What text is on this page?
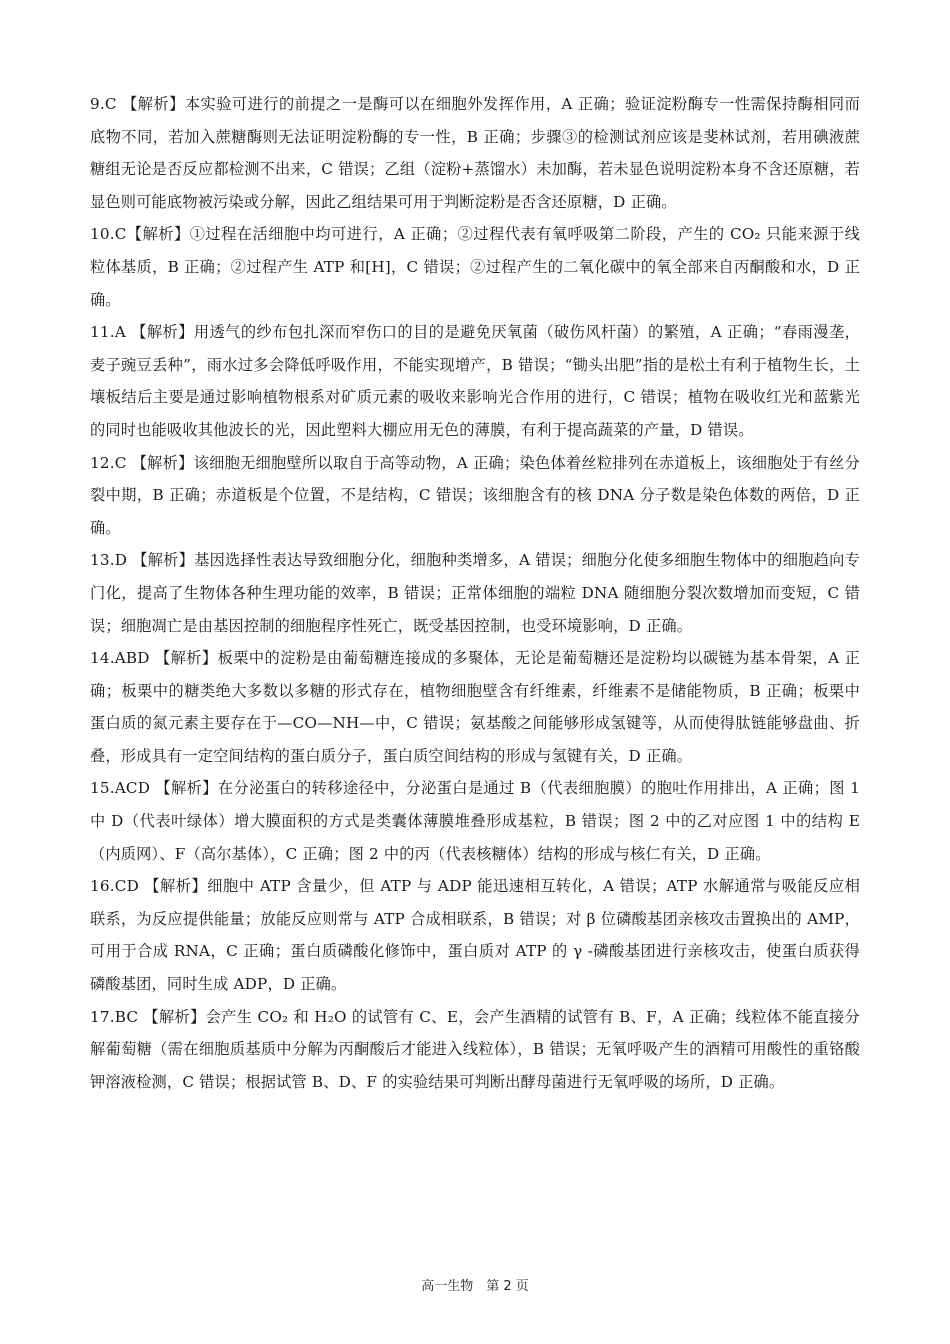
9.C 【解析】本实验可进行的前提之一是酶可以在细胞外发挥作用，A 正确；验证淀粉酶专一性需保持酶相同而底物不同，若加入蔗糖酶则无法证明淀粉酶的专一性，B 正确；步骤③的检测试剂应该是斐林试剂，若用碘液蔗糖组无论是否反应都检测不出来，C 错误；乙组（淀粉+蒸馏水）未加酶，若未显色说明淀粉本身不含还原糖，若显色则可能底物被污染或分解，因此乙组结果可用于判断淀粉是否含还原糖，D 正确。

10.C【解析】①过程在活细胞中均可进行，A 正确；②过程代表有氧呼吸第二阶段，产生的 CO₂ 只能来源于线粒体基质，B 正确；②过程产生 ATP 和[H]，C 错误；②过程产生的二氧化碳中的氧全部来自丙酮酸和水，D 正确。

11.A 【解析】用透气的纱布包扎深而窄伤口的目的是避免厌氧菌（破伤风杆菌）的繁殖，A 正确；“春雨漫垄，麦子豌豆丢种”，雨水过多会降低呼吸作用，不能实现增产，B 错误；“锄头出肥”指的是松土有利于植物生长，土壤板结后主要是通过影响植物根系对矿质元素的吸收来影响光合作用的进行，C 错误；植物在吸收红光和蓝紫光的同时也能吸收其他波长的光，因此塑料大棚应用无色的薄膜，有利于提高蔬菜的产量，D 错误。

12.C 【解析】该细胞无细胞壁所以取自于高等动物，A 正确；染色体着丝粒排列在赤道板上，该细胞处于有丝分裂中期，B 正确；赤道板是个位置，不是结构，C 错误；该细胞含有的核 DNA 分子数是染色体数的两倍，D 正确。

13.D 【解析】基因选择性表达导致细胞分化，细胞种类增多，A 错误；细胞分化使多细胞生物体中的细胞趋向专门化，提高了生物体各种生理功能的效率，B 错误；正常体细胞的端粒 DNA 随细胞分裂次数增加而变短，C 错误；细胞凋亡是由基因控制的细胞程序性死亡，既受基因控制，也受环境影响，D 正确。

14.ABD 【解析】板栗中的淀粉是由葡萄糖连接成的多聚体，无论是葡萄糖还是淀粉均以碳链为基本骨架，A 正确；板栗中的糖类绝大多数以多糖的形式存在，植物细胞壁含有纤维素，纤维素不是储能物质，B 正确；板栗中蛋白质的氮元素主要存在于—CO—NH—中，C 错误；氨基酸之间能够形成氢键等，从而使得肽链能够盘曲、折叠，形成具有一定空间结构的蛋白质分子，蛋白质空间结构的形成与氢键有关，D 正确。

15.ACD 【解析】在分泌蛋白的转移途径中，分泌蛋白是通过 B（代表细胞膜）的胞吐作用排出，A 正确；图 1 中 D（代表叶绿体）增大膜面积的方式是类囊体薄膜堆叠形成基粒，B 错误；图 2 中的乙对应图 1 中的结构 E（内质网）、F（高尔基体），C 正确；图 2 中的丙（代表核糖体）结构的形成与核仁有关，D 正确。

16.CD 【解析】细胞中 ATP 含量少，但 ATP 与 ADP 能迅速相互转化，A 错误；ATP 水解通常与吸能反应相联系，为反应提供能量；放能反应则常与 ATP 合成相联系，B 错误；对 β 位磷酸基团亲核攻击置换出的 AMP，可用于合成 RNA，C 正确；蛋白质磷酸化修饰中，蛋白质对 ATP 的 γ -磷酸基团进行亲核攻击，使蛋白质获得磷酸基团，同时生成 ADP，D 正确。

17.BC 【解析】会产生 CO₂ 和 H₂O 的试管有 C、E，会产生酒精的试管有 B、F，A 正确；线粒体不能直接分解葡萄糖（需在细胞质基质中分解为丙酮酸后才能进入线粒体），B 错误；无氧呼吸产生的酒精可用酸性的重铬酸钾溶液检测，C 错误；根据试管 B、D、F 的实验结果可判断出酵母菌进行无氧呼吸的场所，D 正确。

高一生物　第 2 页
